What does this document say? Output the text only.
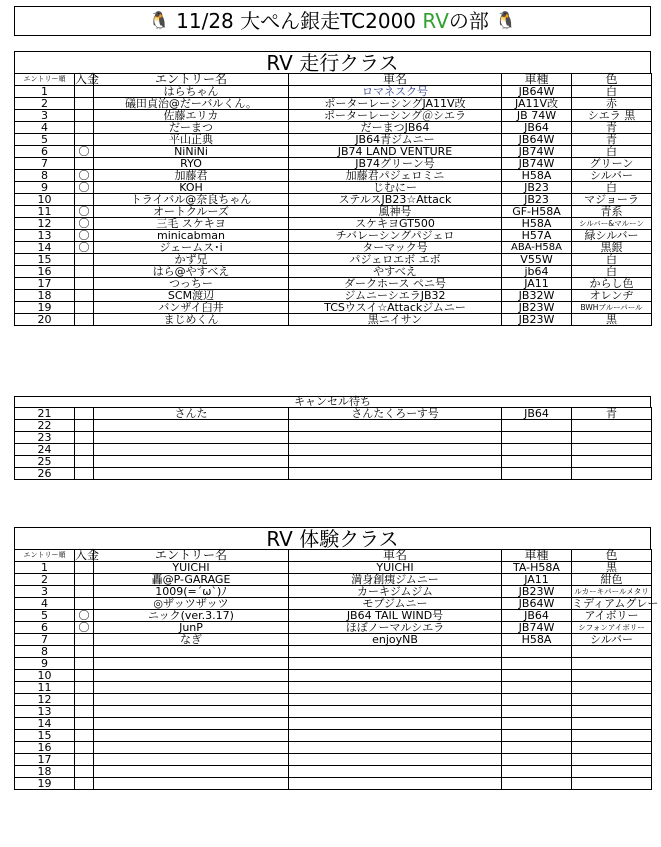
🐧 11/28 大ぺん銀走TC2000 RVの部 🐧
RV 走行クラス
エントリー順	入金	エントリー名	車名	車種	色
1		はらちゃん	ロマネスク号	JB64W	白
2		礒田貞治@だーバルくん。	ポーターレーシングJA11V改	JA11V改	赤
3		佐藤エリカ	ポーターレーシング＠シエラ	JB 74W	シエラ 黒
4		だーまつ	だーまつJB64	JB64	青
5		平山正典	JB64青ジムニー	JB64W	青
6	〇	NiNiNi	JB74 LAND VENTURE	JB74W	白
7		RYO	JB74グリーン号	JB74W	グリーン
8	〇	加藤君	加藤君パジェロミニ	H58A	シルバー
9	〇	KOH	じむにー	JB23	白
10		トライバル@奈良ちゃん	ステルスJB23☆Attack	JB23	マジョーラ
11	〇	オートクルーズ	風神号	GF-H58A	青系
12	〇	三毛 スケキヨ	スケキヨGT500	H58A	シルバー&マルーン
13	〇	minicabman	チバレーシングパジェロ	H57A	緑シルバー
14	〇	ジェームス･i	ターマック号	ABA-H58A	黒銀
15		かず兄	パジェロエボ エボ	V55W	白
16		はら@やすべえ	やすべえ	jb64	白
17		つっちー	ダークホース ペニ号	JA11	からし色
18		SCM渡辺	ジムニーシエラJB32	JB32W	オレンヂ
19		バンザイ臼井	TCSウスイ☆Attackジムニー	JB23W	BWHブルーパール
20		まじめくん	黒ニイサン	JB23W	黒
キャンセル待ち
21		さんた	さんたくろーす号	JB64	青
22					
23					
24					
25					
26					
RV 体験クラス
エントリー順	入金	エントリー名	車名	車種	色
1		YUICHI	YUICHI	TA-H58A	黒
2		轟@P-GARAGE	満身創痍ジムニー	JA11	紺色
3		1009(=´ω`)ﾉ	カーキジムジム	JB23W	ルカーキパールメタリ
4		◎ザッツザッツ	モブジムニー	JB64W	ミディアムグレー
5	〇	ニック(ver.3.17)	JB64 TAIL WIND号	JB64	アイボリー
6	〇	JunP	ほぼノーマルシエラ	JB74W	シフォンアイボリー
7		なぎ	enjoyNB	H58A	シルバー
8					
9					
10					
11					
12					
13					
14					
15					
16					
17					
18					
19					
